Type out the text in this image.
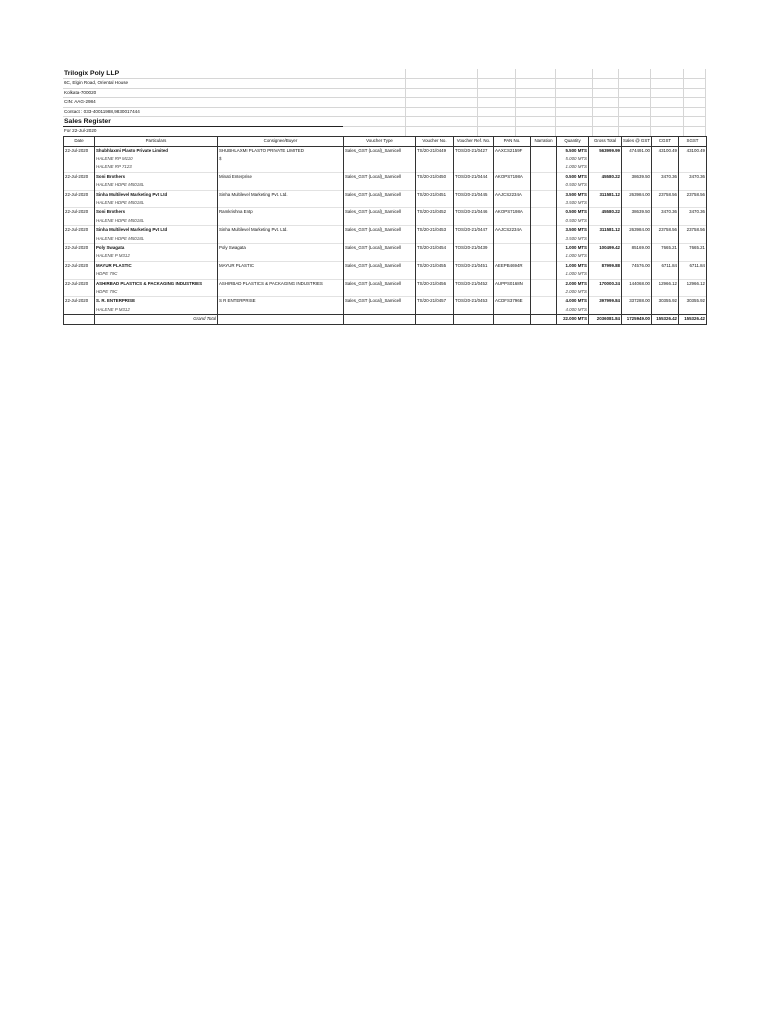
Trilogix Poly LLP
6C, Elgin Road, Oriental House
Kolkata-700020
CIN: AAG-2984
Contact : 033-40011988,9830017444
Sales Register
For 22-Jul-2020
Date	Particulars	Consignee/Buyer	Voucher Type	Voucher No.	Voucher Ref. No.	PAN No.	Narration	Quantity	Gross Total	Sales @ GST	CGST	SGST
22-Jul-2020	Shubhlaxmi Plasto Private Limited	SHUBHLAXMI PLASTO PRIVATE LIMITED	Sales_GST (Local)_Samicell	TS/20-21/0449	TOS/20-21/0427	AAXCS2159F		5.500 MTS	563999.99	474491.00	43100.49	43100.49
	HALENE RP M110	$						5.000 MTS				
	HALENE RP 7123							1.000 MTS				
22-Jul-2020	Soni Brothers	Minati Enterprise	Sales_GST (Local)_Samicell	TS/20-21/0450	TOS/20-21/0444	AKOPS7198A		0.500 MTS	45580.22	38639.50	3470.36	3470.36
	HALENE HDPE M5018L							0.500 MTS				
22-Jul-2020	Sinha Multilevel Marketing Pvt Ltd	Sinha Multilevel Marketing Pvt. Ltd.	Sales_GST (Local)_Samicell	TS/20-21/0451	TOS/20-21/0445	AAJCS2234A		3.500 MTS	311581.12	263984.00	23758.56	23758.56
	HALENE HDPE M5018L							3.500 MTS				
22-Jul-2020	Soni Brothers	Ramkrishna Entp	Sales_GST (Local)_Samicell	TS/20-21/0452	TOS/20-21/0446	AKOPS7198A		0.500 MTS	45580.22	38639.50	3470.36	3470.36
	HALENE HDPE M5018L							0.500 MTS				
22-Jul-2020	Sinha Multilevel Marketing Pvt Ltd	Sinha Multilevel Marketing Pvt. Ltd.	Sales_GST (Local)_Samicell	TS/20-21/0453	TOS/20-21/0447	AAJCS2234A		3.500 MTS	311581.12	263984.00	23758.56	23758.56
	HALENE HDPE M5018L							3.500 MTS				
22-Jul-2020	Poly Swagata	Poly Swagata	Sales_GST (Local)_Samicell	TS/20-21/0454	TOS/20-21/0439			1.000 MTS	100499.42	85169.00	7665.21	7665.21
	HALENE P M312							1.000 MTS				
22-Jul-2020	MAYUR PLASTIC	MAYUR PLASTIC	Sales_GST (Local)_Samicell	TS/20-21/0455	TOS/20-21/0451	AEEPB4694R		1.000 MTS	87999.88	74576.00	6711.84	6711.84
	HDPE 79C							1.000 MTS				
22-Jul-2020	ASHIRBAD PLASTICS & PACKAGING INDUSTRIES	ASHIRBAD PLASTICS & PACKAGING INDUSTRIES	Sales_GST (Local)_Samicell	TS/20-21/0456	TOS/20-21/0452	AUPPS0168N		2.000 MTS	170000.24	144068.00	12966.12	12966.12
	HDPE 79C							2.000 MTS				
22-Jul-2020	S. R. ENTERPRISE	S R ENTERPRISE	Sales_GST (Local)_Samicell	TS/20-21/0457	TOS/20-21/0453	ACDFS3796E		4.000 MTS	397999.84	337288.00	30355.92	30355.92
	HALENE P M312							4.000 MTS				
	Grand Total							22.000 MTS	2036081.84	1725949.00	155326.42	155326.42
